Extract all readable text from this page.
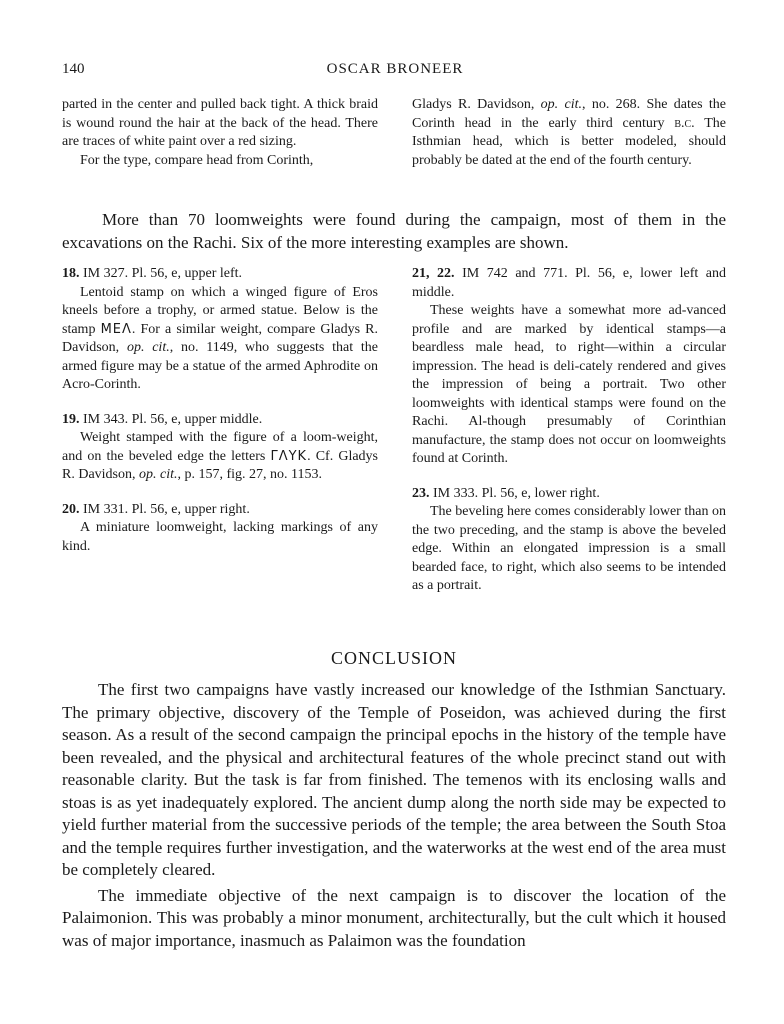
140	OSCAR BRONEER

parted in the center and pulled back tight. A thick braid is wound round the hair at the back of the head. There are traces of white paint over a red sizing.

For the type, compare head from Corinth,

Gladys R. Davidson, op. cit., no. 268. She dates the Corinth head in the early third century b.c. The Isthmian head, which is better modeled, should probably be dated at the end of the fourth century.

More than 70 loomweights were found during the campaign, most of them in the excavations on the Rachi. Six of the more interesting examples are shown.

18. IM 327. Pl. 56, e, upper left.

Lentoid stamp on which a winged figure of Eros kneels before a trophy, or armed statue. Below is the stamp ΜΕΛ. For a similar weight, compare Gladys R. Davidson, op. cit., no. 1149, who suggests that the armed figure may be a statue of the armed Aphrodite on Acro-Corinth.

19. IM 343. Pl. 56, e, upper middle.

Weight stamped with the figure of a loom-weight, and on the beveled edge the letters ΓΛΥΚ. Cf. Gladys R. Davidson, op. cit., p. 157, fig. 27, no. 1153.

20. IM 331. Pl. 56, e, upper right.

A miniature loomweight, lacking markings of any kind.

21, 22. IM 742 and 771. Pl. 56, e, lower left and middle.

These weights have a somewhat more ad-vanced profile and are marked by identical stamps—a beardless male head, to right—within a circular impression. The head is deli-cately rendered and gives the impression of being a portrait. Two other loomweights with identical stamps were found on the Rachi. Al-though presumably of Corinthian manufacture, the stamp does not occur on loomweights found at Corinth.

23. IM 333. Pl. 56, e, lower right.

The beveling here comes considerably lower than on the two preceding, and the stamp is above the beveled edge. Within an elongated impression is a small bearded face, to right, which also seems to be intended as a portrait.

CONCLUSION

The first two campaigns have vastly increased our knowledge of the Isthmian Sanctuary. The primary objective, discovery of the Temple of Poseidon, was achieved during the first season. As a result of the second campaign the principal epochs in the history of the temple have been revealed, and the physical and architectural features of the whole precinct stand out with reasonable clarity. But the task is far from finished. The temenos with its enclosing walls and stoas is as yet inadequately explored. The ancient dump along the north side may be expected to yield further material from the successive periods of the temple; the area between the South Stoa and the temple requires further investigation, and the waterworks at the west end of the area must be completely cleared.

The immediate objective of the next campaign is to discover the location of the Palaimonion. This was probably a minor monument, architecturally, but the cult which it housed was of major importance, inasmuch as Palaimon was the foundation
